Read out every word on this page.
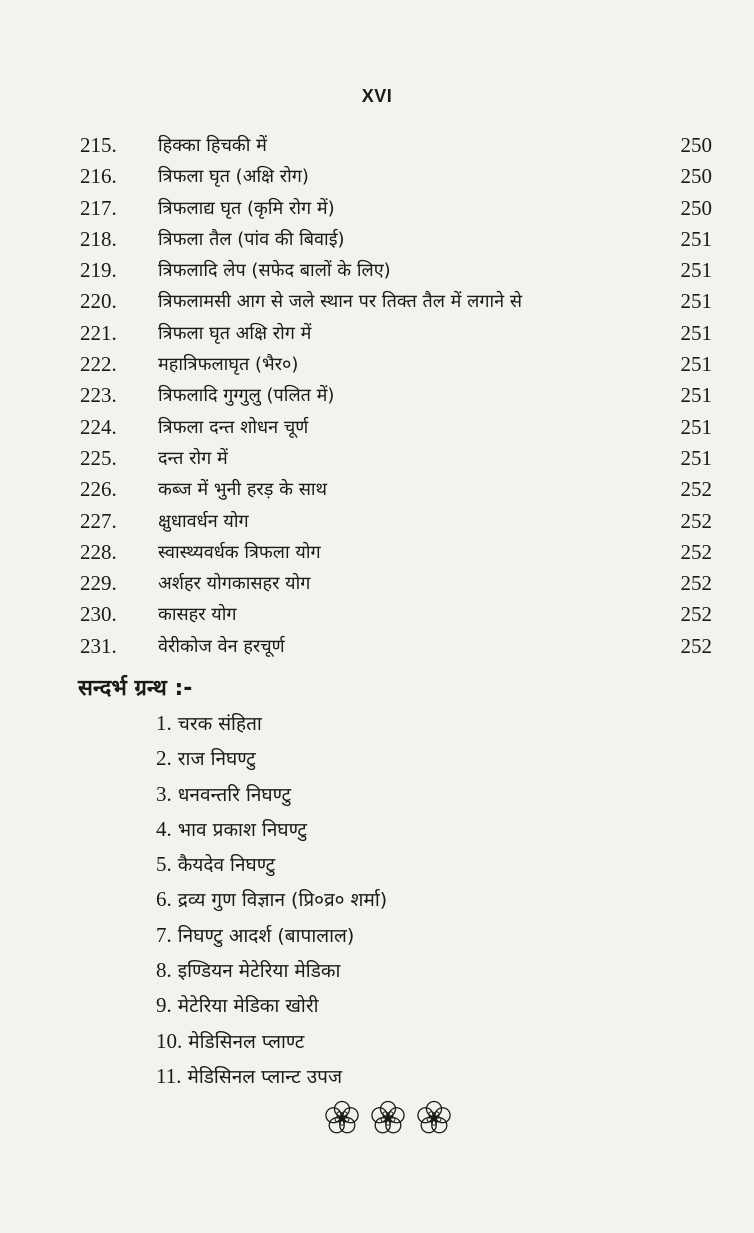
XVI
215. हिक्का हिचकी में	250
216. त्रिफला घृत (अक्षि रोग)	250
217. त्रिफलाद्य घृत (कृमि रोग में)	250
218. त्रिफला तैल (पांव की बिवाई)	251
219. त्रिफलादि लेप (सफेद बालों के लिए)	251
220. त्रिफलामसी आग से जले स्थान पर तिक्त तैल में लगाने से	251
221. त्रिफला घृत अक्षि रोग में	251
222. महात्रिफलाघृत (भैर०)	251
223. त्रिफलादि गुग्गुलु (पलित में)	251
224. त्रिफला दन्त शोधन चूर्ण	251
225. दन्त रोग में	251
226. कब्ज में भुनी हरड़ के साथ	252
227. क्षुधावर्धन योग	252
228. स्वास्थ्यवर्धक त्रिफला योग	252
229. अर्शहर योगकासहर योग	252
230. कासहर योग	252
231. वेरीकोज वेन हरचूर्ण	252
सन्दर्भ ग्रन्थ :-
1. चरक संहिता
2. राज निघण्टु
3. धनवन्तरि निघण्टु
4. भाव प्रकाश निघण्टु
5. कैयदेव निघण्टु
6. द्रव्य गुण विज्ञान (प्रि०व्र० शर्मा)
7. निघण्टु आदर्श (बापालाल)
8. इण्डियन मेटेरिया मेडिका
9. मेटेरिया मेडिका खोरी
10. मेडिसिनल प्लाण्ट
11. मेडिसिनल प्लान्ट उपज
